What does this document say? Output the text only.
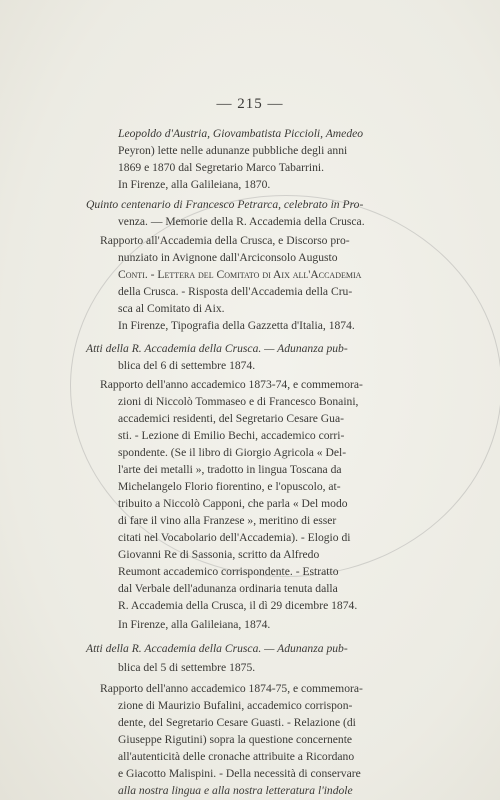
— 215 —
Leopoldo d'Austria, Giovambatista Piccioli, Amedeo
Peyron) lette nelle adunanze pubbliche degli anni
1869 e 1870 dal Segretario Marco Tabarrini.
In Firenze, alla Galileiana, 1870.
Quinto centenario di Francesco Petrarca, celebrato in Pro-
venza. — Memorie della R. Accademia della Crusca.
Rapporto all'Accademia della Crusca, e Discorso pro-
nunziato in Avignone dall'Arciconsolo Augusto
Conti. - Lettera del Comitato di Aix all'Accademia
della Crusca. - Risposta dell'Accademia della Cru-
sca al Comitato di Aix.
In Firenze, Tipografia della Gazzetta d'Italia, 1874.
Atti della R. Accademia della Crusca. — Adunanza pub-
blica del 6 di settembre 1874.
Rapporto dell'anno accademico 1873-74, e commemora-
zioni di Niccolò Tommaseo e di Francesco Bonaini,
accademici residenti, del Segretario Cesare Gua-
sti. - Lezione di Emilio Bechi, accademico corri-
spondente. (Se il libro di Giorgio Agricola « Del-
l'arte dei metalli », tradotto in lingua Toscana da
Michelangelo Florio fiorentino, e l'opuscolo, at-
tribuito a Niccolò Capponi, che parla « Del modo
di fare il vino alla Franzese », meritino di esser
citati nel Vocabolario dell'Accademia). - Elogio di
Giovanni Re di Sassonia, scritto da Alfredo
Reumont accademico corrispondente. - Estratto
dal Verbale dell'adunanza ordinaria tenuta dalla
R. Accademia della Crusca, il dì 29 dicembre 1874.
In Firenze, alla Galileiana, 1874.
Atti della R. Accademia della Crusca. — Adunanza pub-
blica del 5 di settembre 1875.
Rapporto dell'anno accademico 1874-75, e commemora-
zione di Maurizio Bufalini, accademico corrispon-
dente, del Segretario Cesare Guasti. - Relazione (di
Giuseppe Rigutini) sopra la questione concernente
all'autenticità delle cronache attribuite a Ricordano
e Giacotto Malispini. - Della necessità di conservare
alla nostra lingua e alla nostra letteratura l'indole
